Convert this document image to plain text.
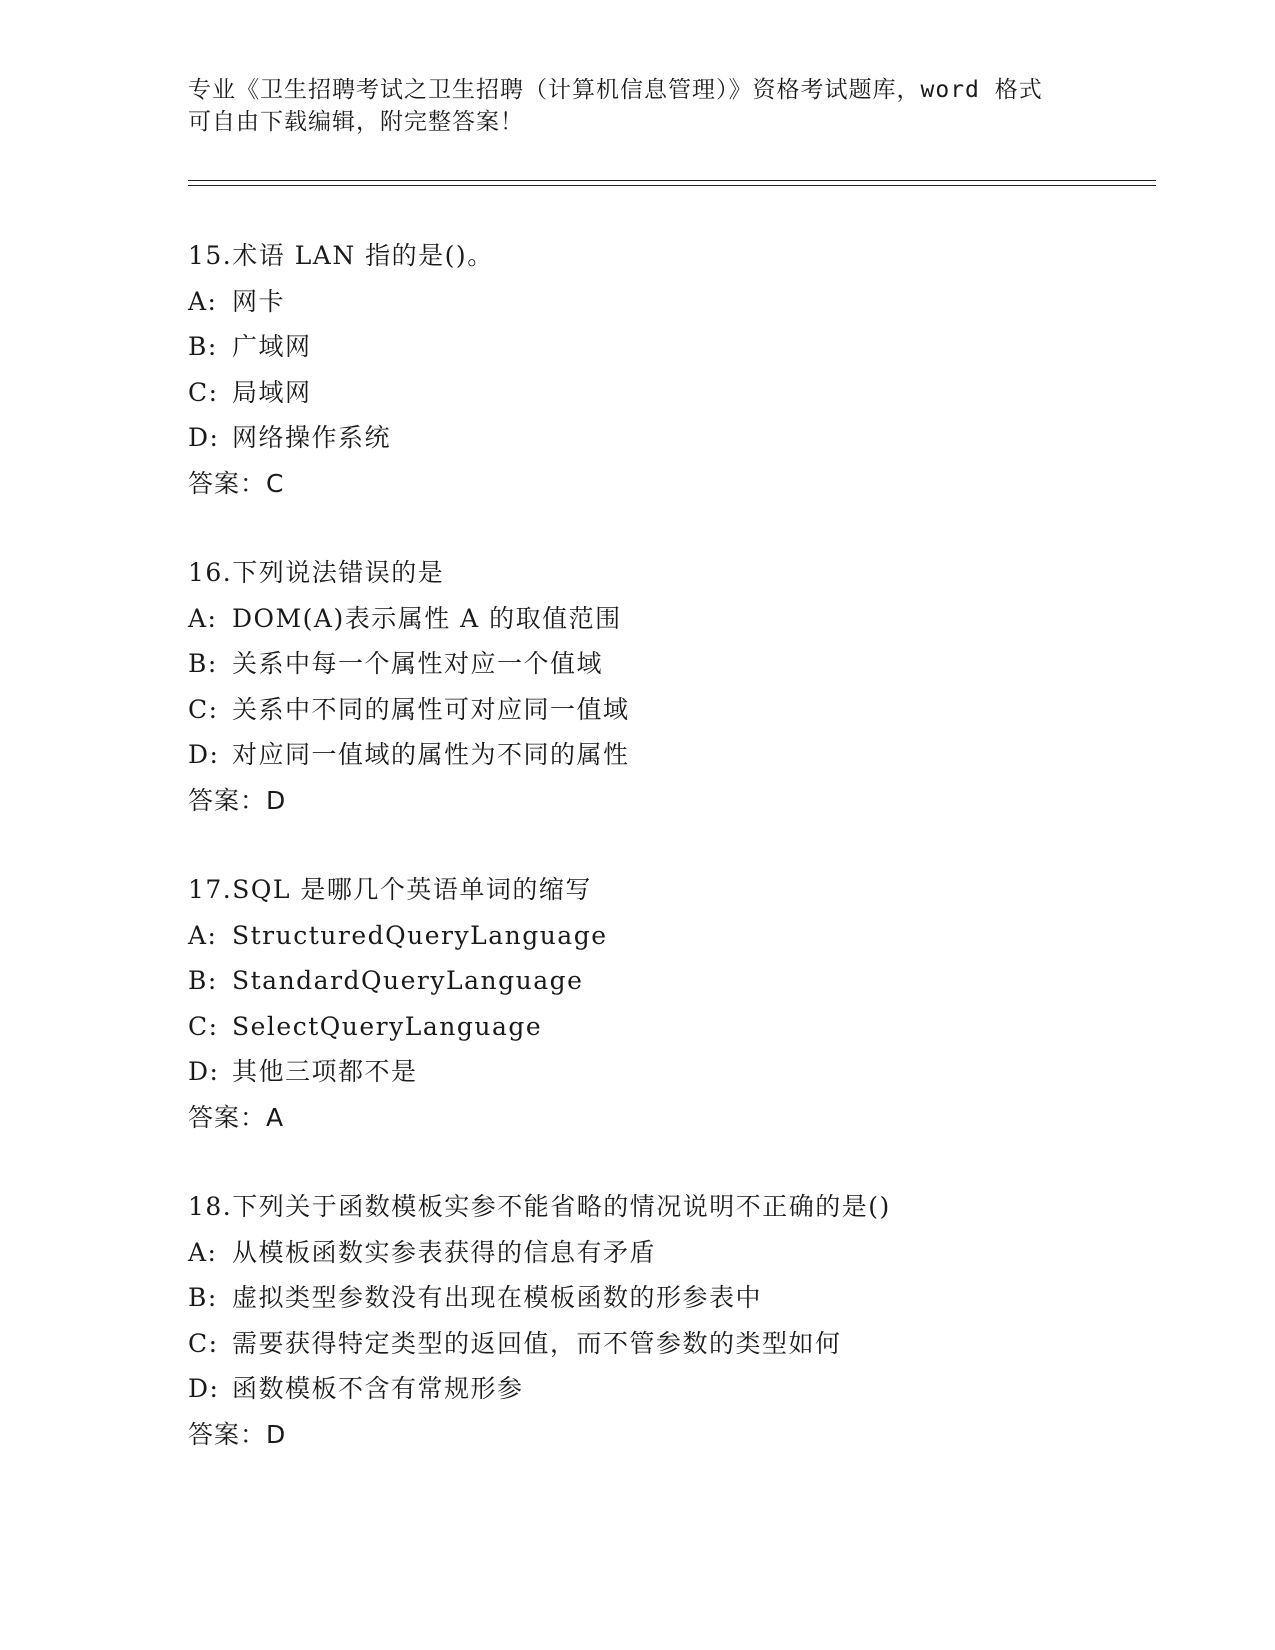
专业《卫生招聘考试之卫生招聘（计算机信息管理）》资格考试题库，word 格式
可自由下载编辑，附完整答案！
15.术语 LAN 指的是()。
A: 网卡
B: 广域网
C: 局域网
D: 网络操作系统
答案：C
16.下列说法错误的是
A: DOM(A)表示属性 A 的取值范围
B: 关系中每一个属性对应一个值域
C: 关系中不同的属性可对应同一值域
D: 对应同一值域的属性为不同的属性
答案：D
17.SQL 是哪几个英语单词的缩写
A: StructuredQueryLanguage
B: StandardQueryLanguage
C: SelectQueryLanguage
D: 其他三项都不是
答案：A
18.下列关于函数模板实参不能省略的情况说明不正确的是()
A: 从模板函数实参表获得的信息有矛盾
B: 虚拟类型参数没有出现在模板函数的形参表中
C: 需要获得特定类型的返回值，而不管参数的类型如何
D: 函数模板不含有常规形参
答案：D
